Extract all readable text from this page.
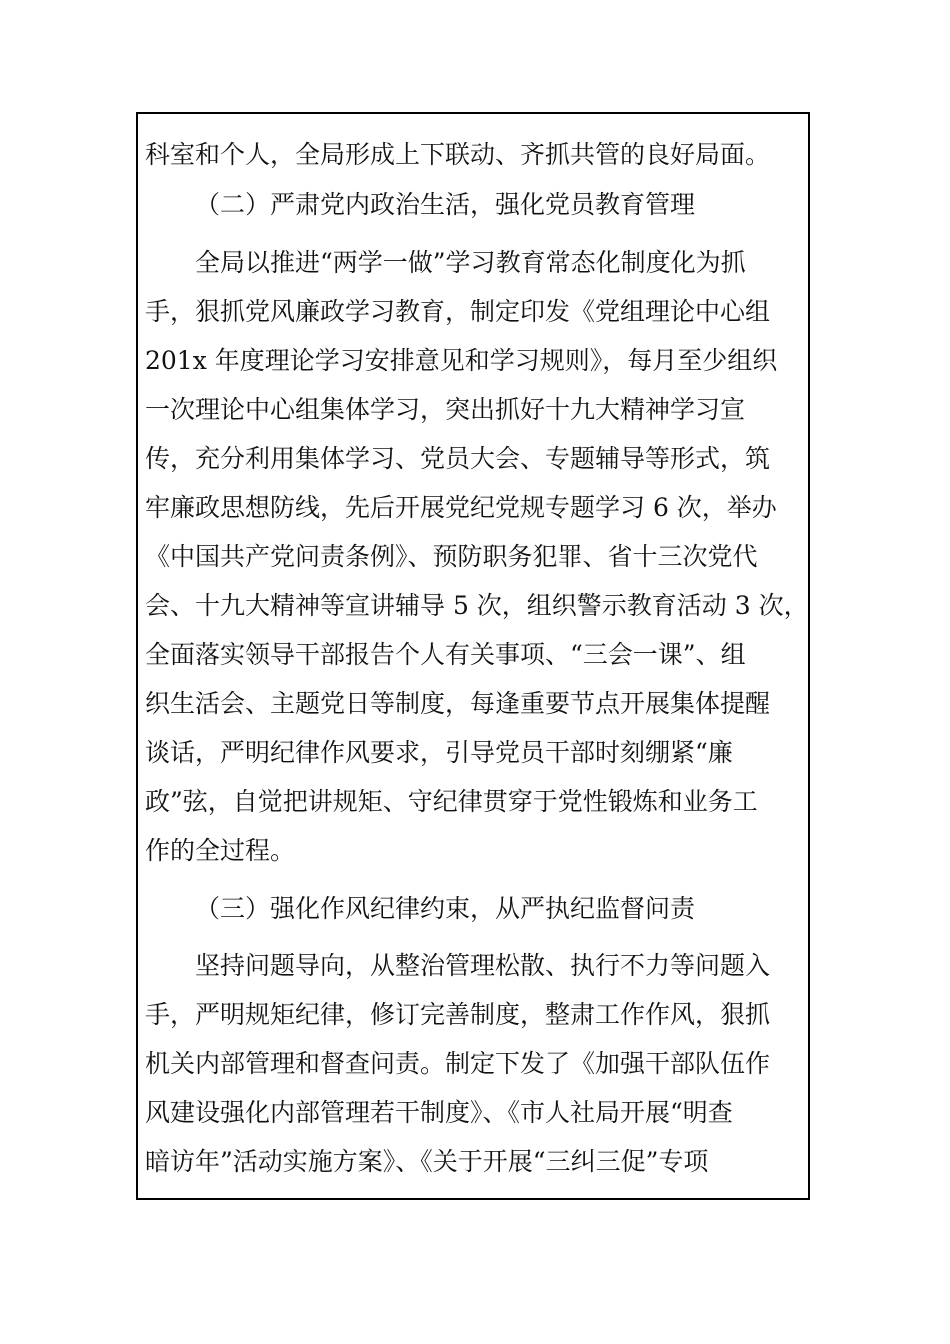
科室和个人，全局形成上下联动、齐抓共管的良好局面。
（二）严肃党内政治生活，强化党员教育管理
全局以推进“两学一做”学习教育常态化制度化为抓
手，狠抓党风廉政学习教育，制定印发《党组理论中心组
201x 年度理论学习安排意见和学习规则》，每月至少组织
一次理论中心组集体学习，突出抓好十九大精神学习宣
传，充分利用集体学习、党员大会、专题辅导等形式，筑
牢廉政思想防线，先后开展党纪党规专题学习 6 次，举办
《中国共产党问责条例》、预防职务犯罪、省十三次党代
会、十九大精神等宣讲辅导 5 次，组织警示教育活动 3 次，
全面落实领导干部报告个人有关事项、“三会一课”、组
织生活会、主题党日等制度，每逢重要节点开展集体提醒
谈话，严明纪律作风要求，引导党员干部时刻绷紧“廉
政”弦，自觉把讲规矩、守纪律贯穿于党性锻炼和业务工
作的全过程。
（三）强化作风纪律约束，从严执纪监督问责
坚持问题导向，从整治管理松散、执行不力等问题入
手，严明规矩纪律，修订完善制度，整肃工作作风，狠抓
机关内部管理和督查问责。制定下发了《加强干部队伍作
风建设强化内部管理若干制度》、《市人社局开展“明查
暗访年”活动实施方案》、《关于开展“三纠三促”专项
